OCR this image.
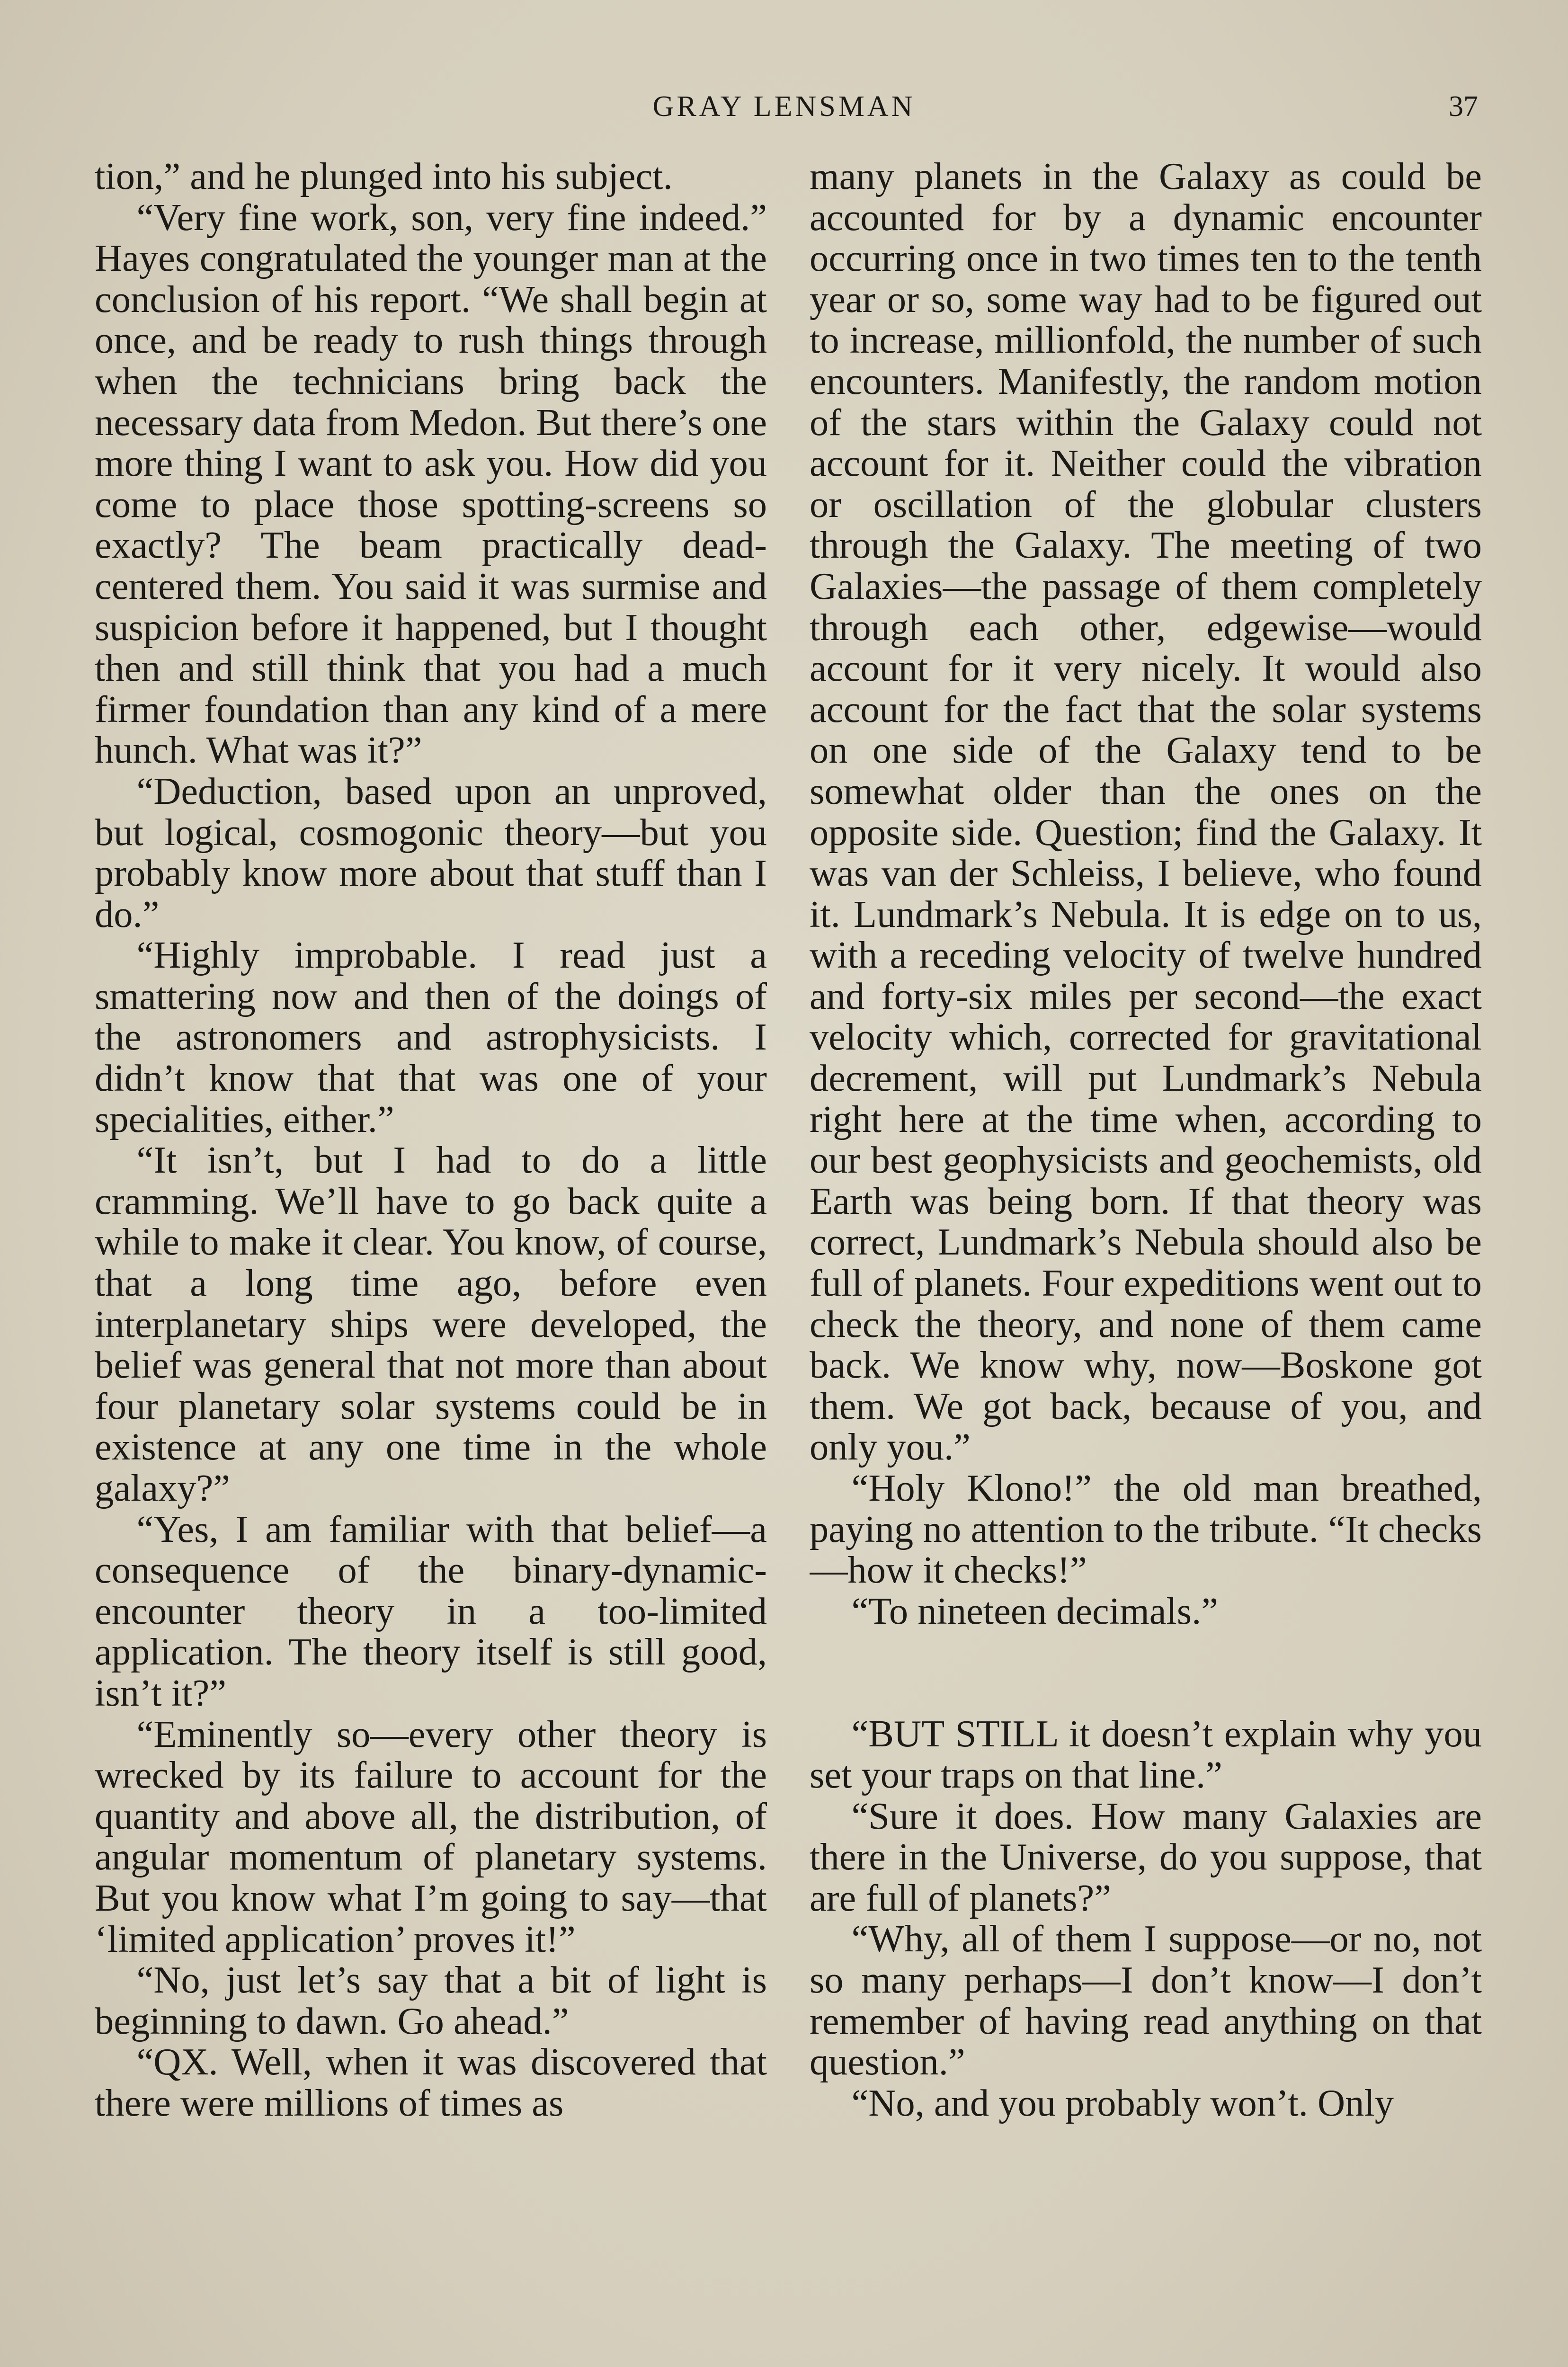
GRAY LENSMAN	37

tion,” and he plunged into his subject.

“Very fine work, son, very fine indeed.” Hayes congratulated the younger man at the conclusion of his report. “We shall begin at once, and be ready to rush things through when the technicians bring back the necessary data from Medon. But there’s one more thing I want to ask you. How did you come to place those spotting-screens so exactly? The beam practically dead-centered them. You said it was surmise and suspicion before it happened, but I thought then and still think that you had a much firmer foundation than any kind of a mere hunch. What was it?”

“Deduction, based upon an unproved, but logical, cosmogonic theory—but you probably know more about that stuff than I do.”

“Highly improbable. I read just a smattering now and then of the doings of the astronomers and astrophysicists. I didn’t know that that was one of your specialities, either.”

“It isn’t, but I had to do a little cramming. We’ll have to go back quite a while to make it clear. You know, of course, that a long time ago, before even interplanetary ships were developed, the belief was general that not more than about four planetary solar systems could be in existence at any one time in the whole galaxy?”

“Yes, I am familiar with that belief—a consequence of the binary-dynamic-encounter theory in a too-limited application. The theory itself is still good, isn’t it?”

“Eminently so—every other theory is wrecked by its failure to account for the quantity and above all, the distribution, of angular momentum of planetary systems. But you know what I’m going to say—that ‘limited application’ proves it!”

“No, just let’s say that a bit of light is beginning to dawn. Go ahead.”

“QX. Well, when it was discovered that there were millions of times as

many planets in the Galaxy as could be accounted for by a dynamic encounter occurring once in two times ten to the tenth year or so, some way had to be figured out to increase, millionfold, the number of such encounters. Manifestly, the random motion of the stars within the Galaxy could not account for it. Neither could the vibration or oscillation of the globular clusters through the Galaxy. The meeting of two Galaxies—the passage of them completely through each other, edgewise—would account for it very nicely. It would also account for the fact that the solar systems on one side of the Galaxy tend to be somewhat older than the ones on the opposite side. Question; find the Galaxy. It was van der Schleiss, I believe, who found it. Lundmark’s Nebula. It is edge on to us, with a receding velocity of twelve hundred and forty-six miles per second—the exact velocity which, corrected for gravitational decrement, will put Lundmark’s Nebula right here at the time when, according to our best geophysicists and geochemists, old Earth was being born. If that theory was correct, Lundmark’s Nebula should also be full of planets. Four expeditions went out to check the theory, and none of them came back. We know why, now—Boskone got them. We got back, because of you, and only you.”

“Holy Klono!” the old man breathed, paying no attention to the tribute. “It checks—how it checks!”

“To nineteen decimals.”

“BUT STILL it doesn’t explain why you set your traps on that line.”

“Sure it does. How many Galaxies are there in the Universe, do you suppose, that are full of planets?”

“Why, all of them I suppose—or no, not so many perhaps—I don’t know—I don’t remember of having read anything on that question.”

“No, and you probably won’t. Only
